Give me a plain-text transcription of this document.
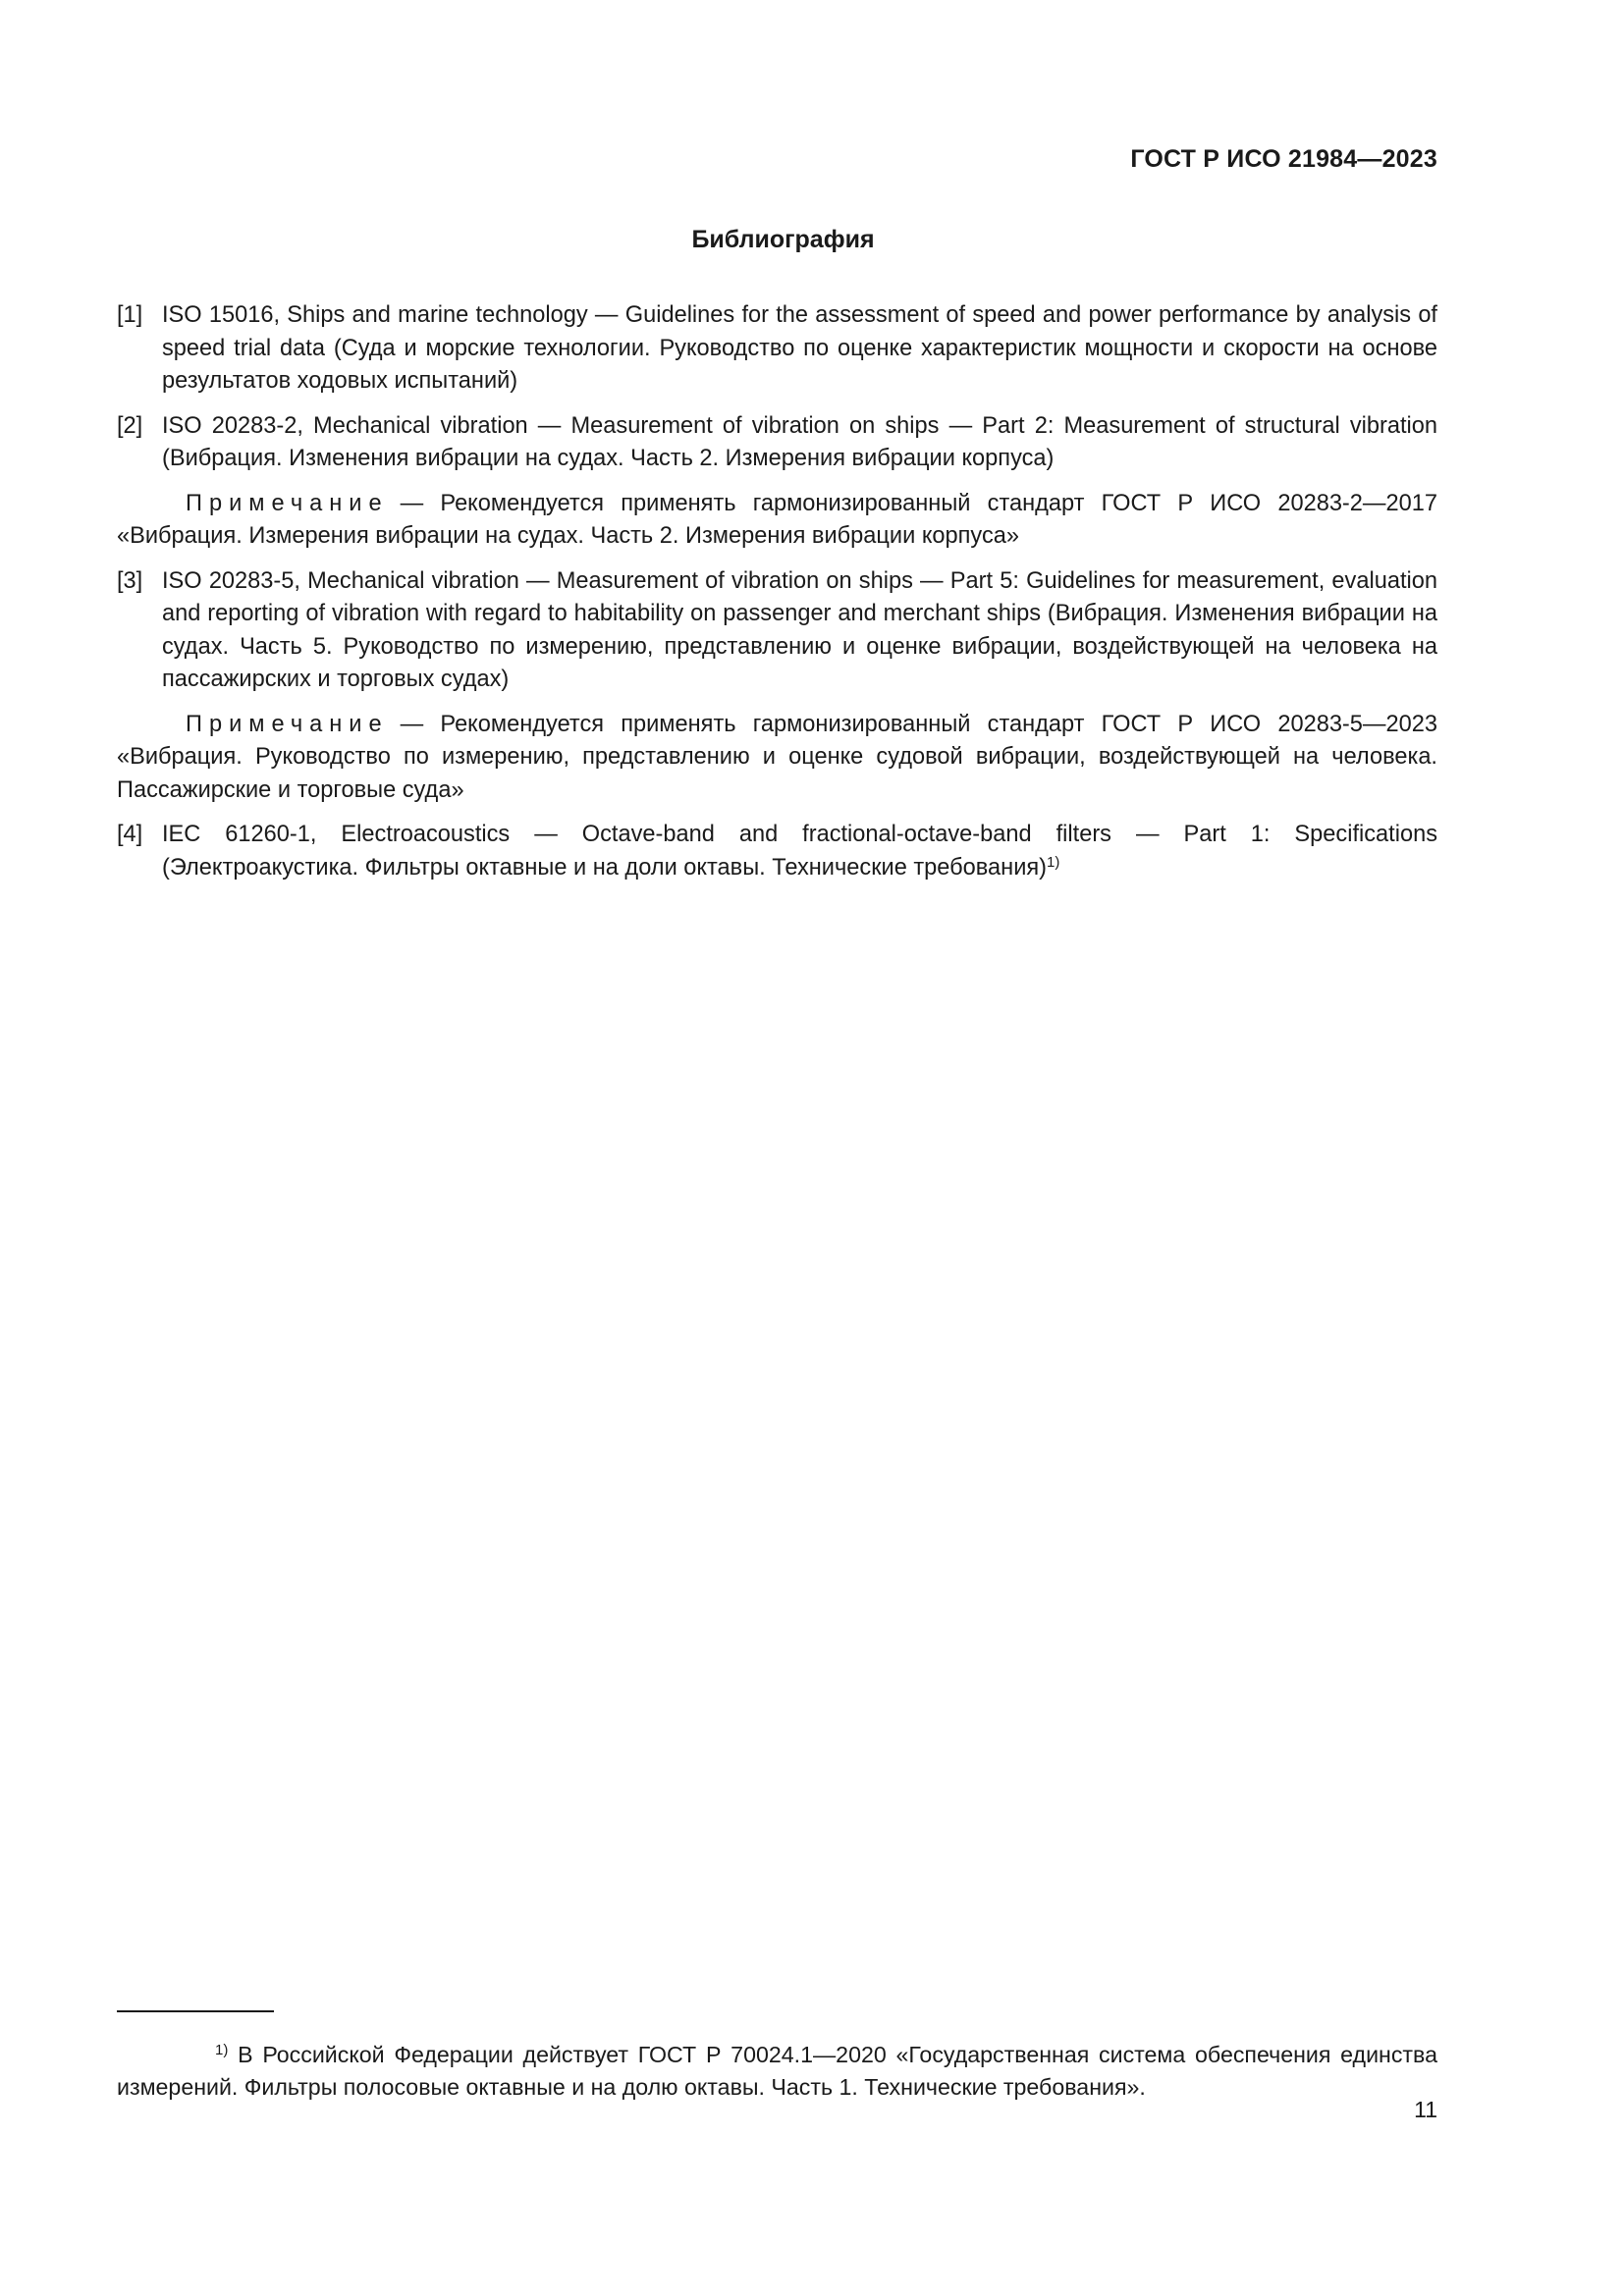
ГОСТ Р ИСО 21984—2023
Библиография

[1] ISO 15016, Ships and marine technology — Guidelines for the assessment of speed and power performance by analysis of speed trial data (Суда и морские технологии. Руководство по оценке характеристик мощности и скорости на основе результатов ходовых испытаний)

[2] ISO 20283-2, Mechanical vibration — Measurement of vibration on ships — Part 2: Measurement of structural vibration (Вибрация. Изменения вибрации на судах. Часть 2. Измерения вибрации корпуса)

Примечание — Рекомендуется применять гармонизированный стандарт ГОСТ Р ИСО 20283-2—2017 «Вибрация. Измерения вибрации на судах. Часть 2. Измерения вибрации корпуса»

[3] ISO 20283-5, Mechanical vibration — Measurement of vibration on ships — Part 5: Guidelines for measurement, evaluation and reporting of vibration with regard to habitability on passenger and merchant ships (Вибрация. Изменения вибрации на судах. Часть 5. Руководство по измерению, представлению и оценке вибрации, воздействующей на человека на пассажирских и торговых судах)

Примечание — Рекомендуется применять гармонизированный стандарт ГОСТ Р ИСО 20283-5—2023 «Вибрация. Руководство по измерению, представлению и оценке судовой вибрации, воздействующей на человека. Пассажирские и торговые суда»

[4] IEC 61260-1, Electroacoustics — Octave-band and fractional-octave-band filters — Part 1: Specifications (Электроакустика. Фильтры октавные и на доли октавы. Технические требования)$^{1)}$

$^{1)}$ В Российской Федерации действует ГОСТ Р 70024.1—2020 «Государственная система обеспечения единства измерений. Фильтры полосовые октавные и на долю октавы. Часть 1. Технические требования».

11
